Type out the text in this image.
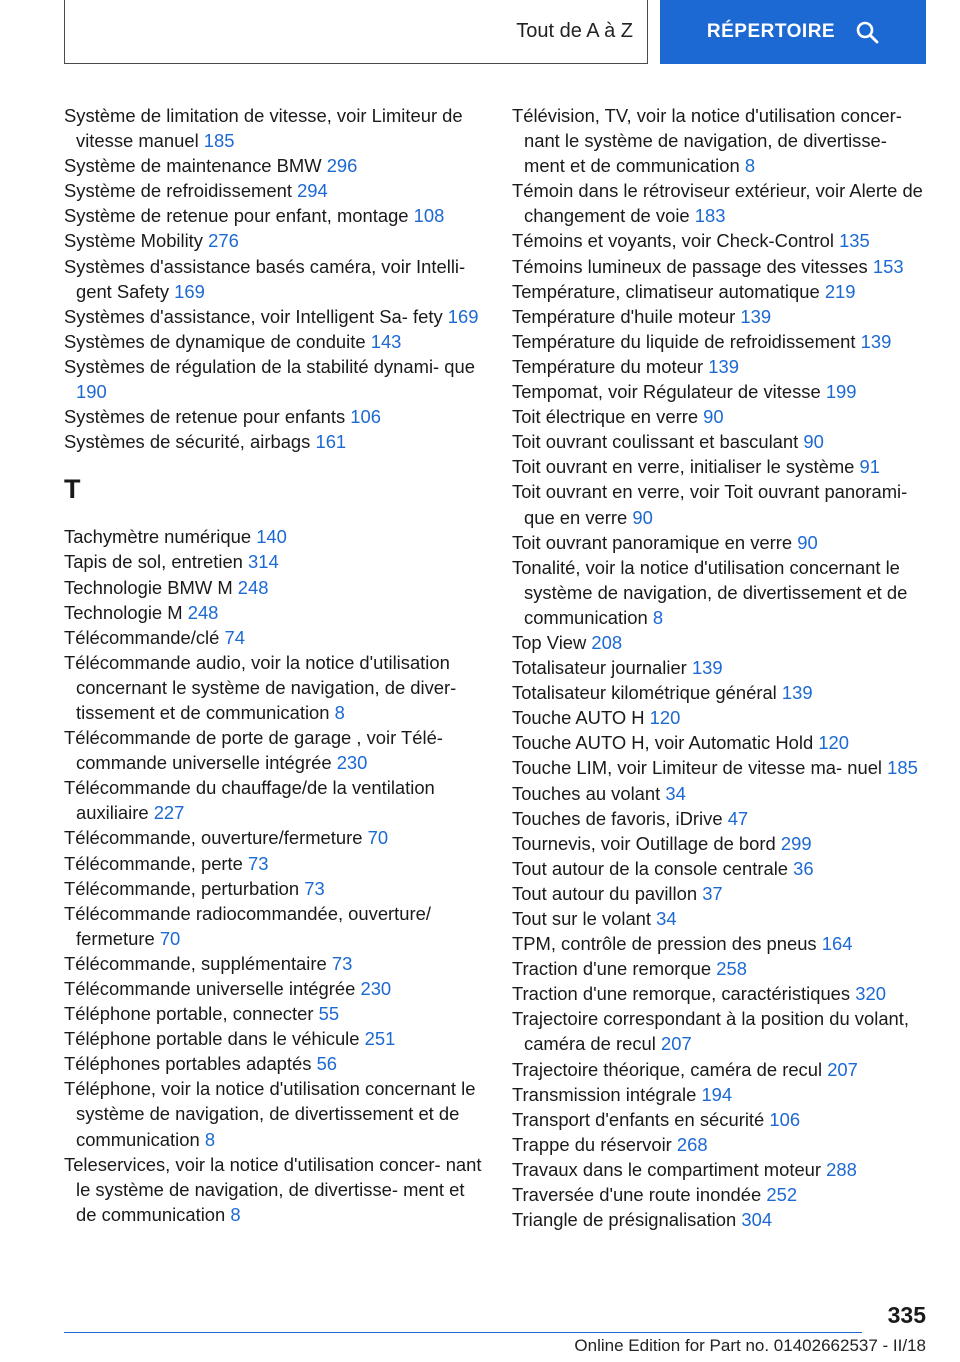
Tout de A à Z	RÉPERTOIRE
Système de limitation de vitesse, voir Limiteur de vitesse manuel 185
Système de maintenance BMW 296
Système de refroidissement 294
Système de retenue pour enfant, montage 108
Système Mobility 276
Systèmes d'assistance basés caméra, voir Intelli‐ gent Safety 169
Systèmes d'assistance, voir Intelligent Sa‐ fety 169
Systèmes de dynamique de conduite 143
Systèmes de régulation de la stabilité dynami‐ que 190
Systèmes de retenue pour enfants 106
Systèmes de sécurité, airbags 161
T
Tachymètre numérique 140
Tapis de sol, entretien 314
Technologie BMW M 248
Technologie M 248
Télécommande/clé 74
Télécommande audio, voir la notice d'utilisation concernant le système de navigation, de diver‐ tissement et de communication 8
Télécommande de porte de garage , voir Télé‐ commande universelle intégrée 230
Télécommande du chauffage/de la ventilation auxiliaire 227
Télécommande, ouverture/fermeture 70
Télécommande, perte 73
Télécommande, perturbation 73
Télécommande radiocommandée, ouverture/ fermeture 70
Télécommande, supplémentaire 73
Télécommande universelle intégrée 230
Téléphone portable, connecter 55
Téléphone portable dans le véhicule 251
Téléphones portables adaptés 56
Téléphone, voir la notice d'utilisation concernant le système de navigation, de divertissement et de communication 8
Teleservices, voir la notice d'utilisation concer‐ nant le système de navigation, de divertisse‐ ment et de communication 8
Télévision, TV, voir la notice d'utilisation concer‐ nant le système de navigation, de divertisse‐ ment et de communication 8
Témoin dans le rétroviseur extérieur, voir Alerte de changement de voie 183
Témoins et voyants, voir Check-Control 135
Témoins lumineux de passage des vitesses 153
Température, climatiseur automatique 219
Température d'huile moteur 139
Température du liquide de refroidissement 139
Température du moteur 139
Tempomat, voir Régulateur de vitesse 199
Toit électrique en verre 90
Toit ouvrant coulissant et basculant 90
Toit ouvrant en verre, initialiser le système 91
Toit ouvrant en verre, voir Toit ouvrant panorami‐ que en verre 90
Toit ouvrant panoramique en verre 90
Tonalité, voir la notice d'utilisation concernant le système de navigation, de divertissement et de communication 8
Top View 208
Totalisateur journalier 139
Totalisateur kilométrique général 139
Touche AUTO H 120
Touche AUTO H, voir Automatic Hold 120
Touche LIM, voir Limiteur de vitesse ma‐ nuel 185
Touches au volant 34
Touches de favoris, iDrive 47
Tournevis, voir Outillage de bord 299
Tout autour de la console centrale 36
Tout autour du pavillon 37
Tout sur le volant 34
TPM, contrôle de pression des pneus 164
Traction d'une remorque 258
Traction d'une remorque, caractéristiques 320
Trajectoire correspondant à la position du volant, caméra de recul 207
Trajectoire théorique, caméra de recul 207
Transmission intégrale 194
Transport d'enfants en sécurité 106
Trappe du réservoir 268
Travaux dans le compartiment moteur 288
Traversée d'une route inondée 252
Triangle de présignalisation 304
335
Online Edition for Part no. 01402662537 - II/18
